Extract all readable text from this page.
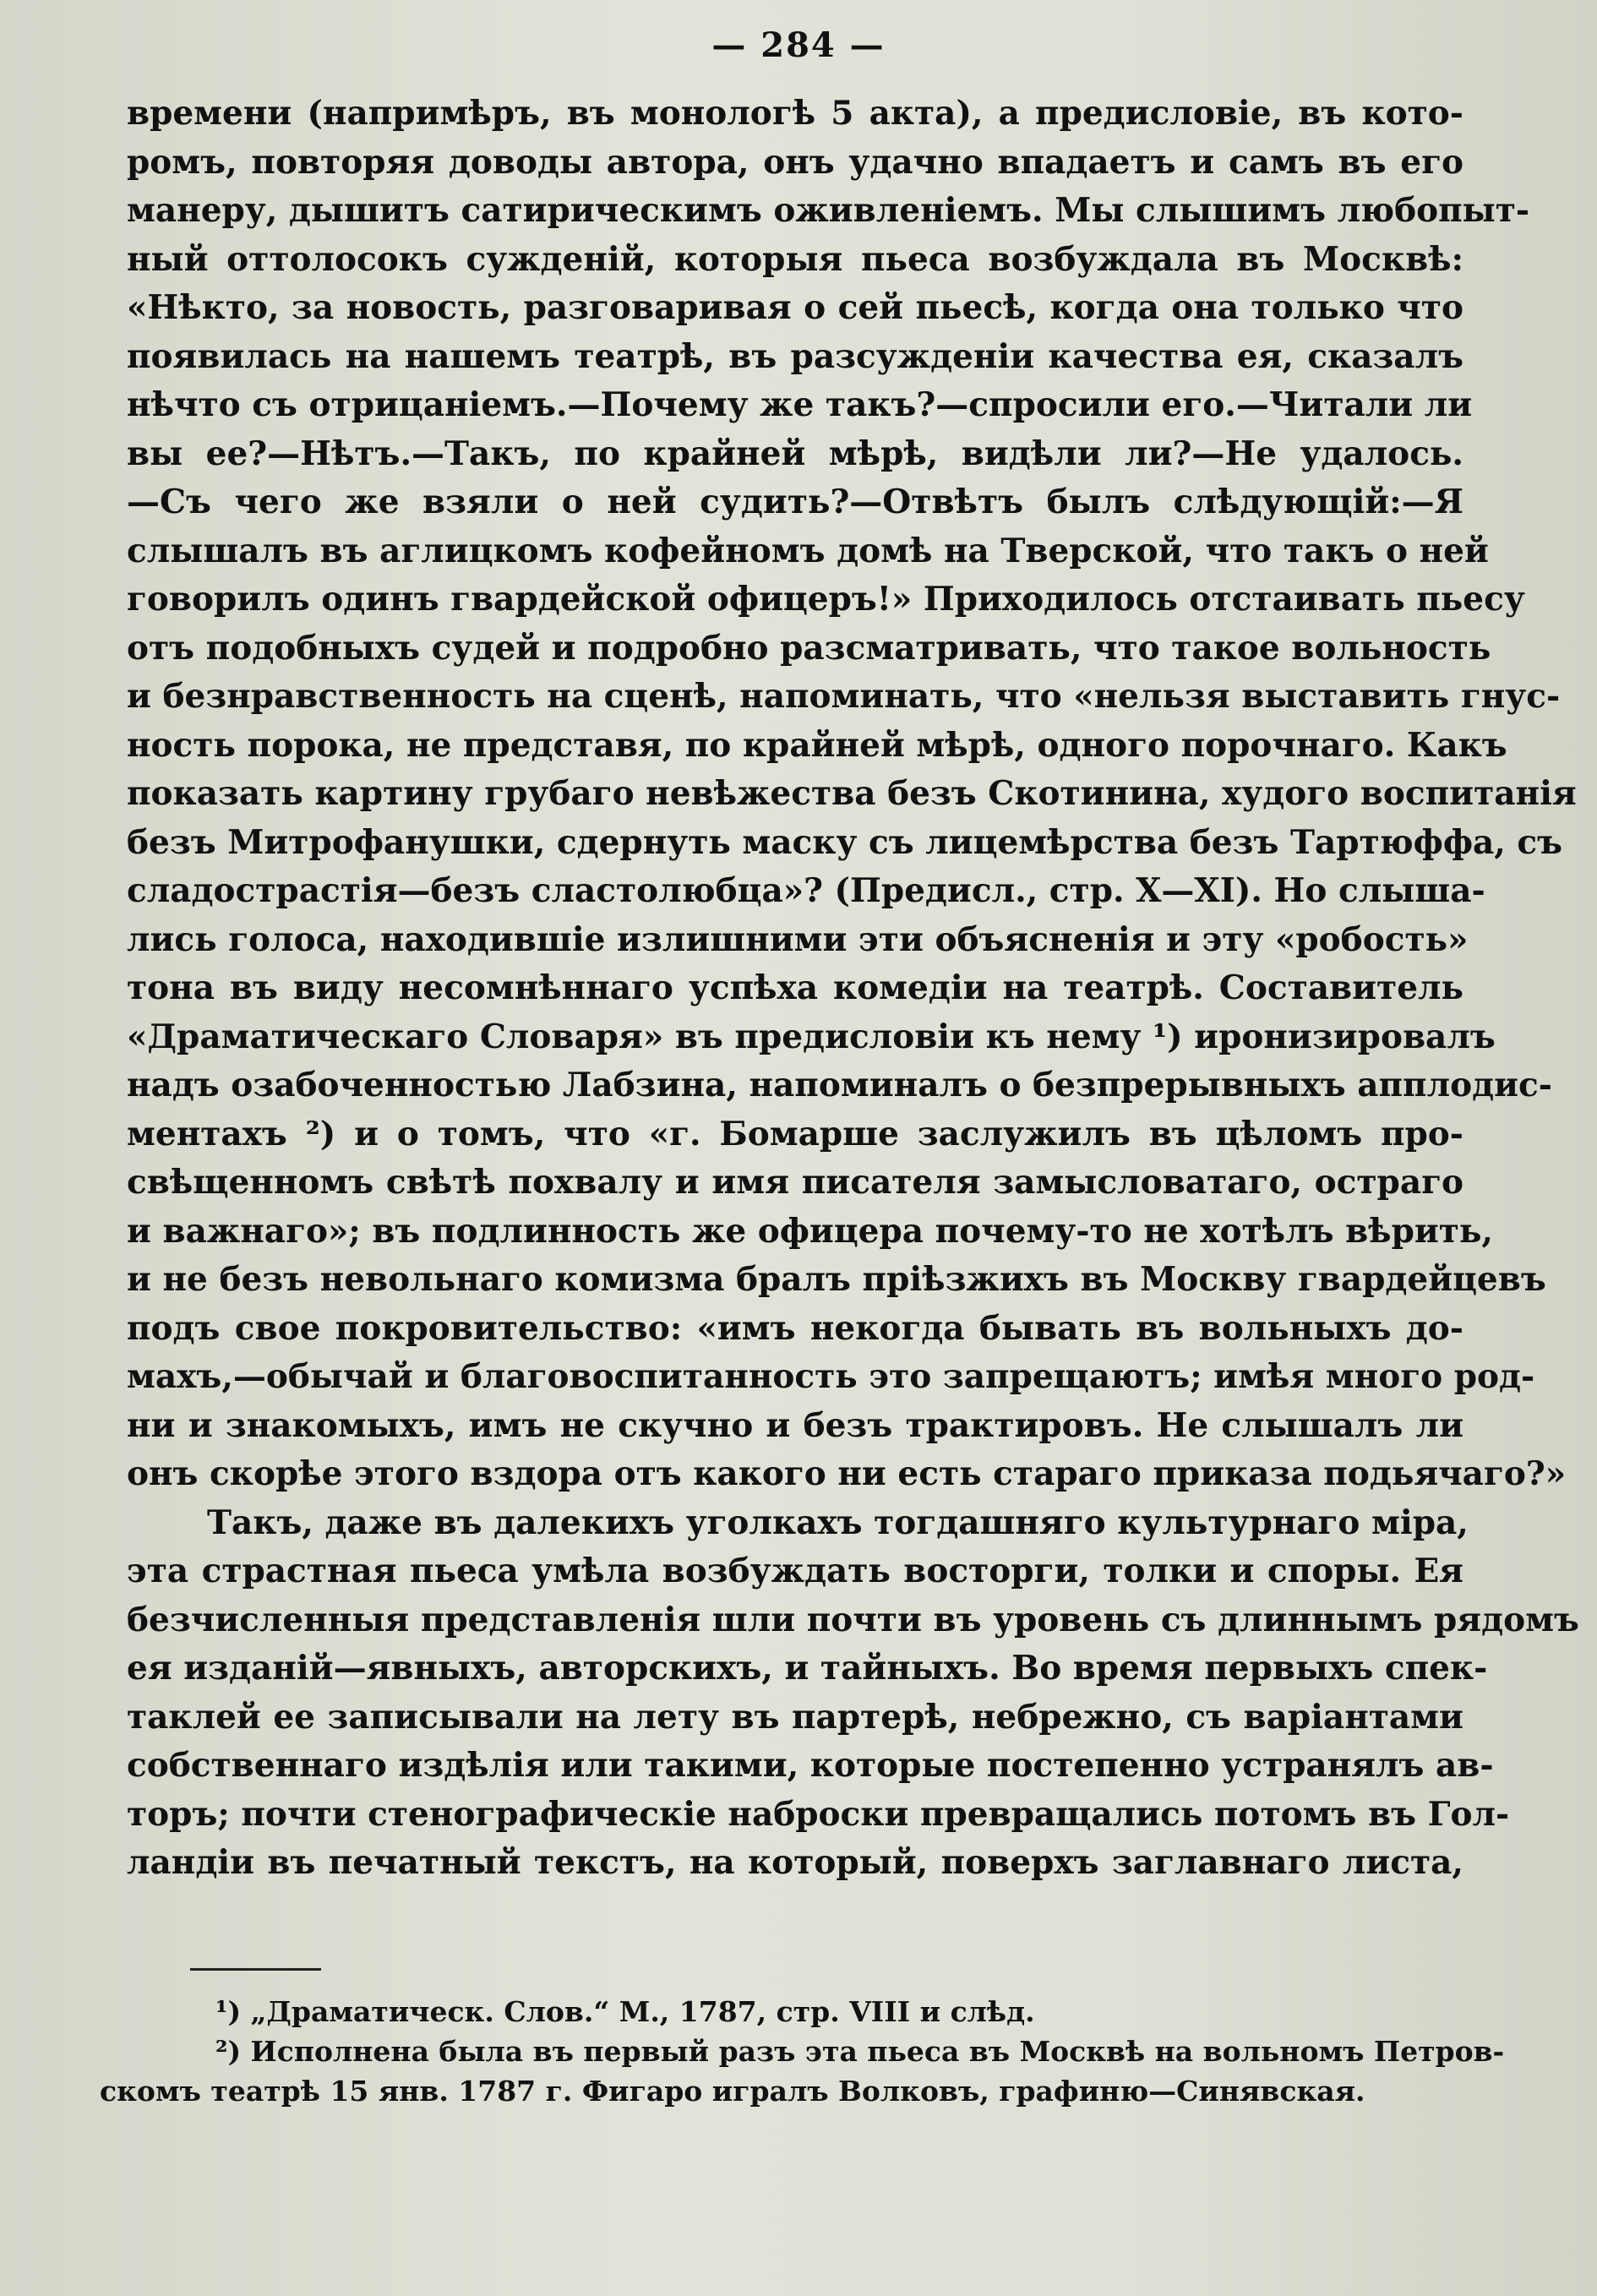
— 284 —
времени (напримѣръ, въ монологѣ 5 акта), а предисловіе, въ кото-
ромъ, повторяя доводы автора, онъ удачно впадаетъ и самъ въ его
манеру, дышитъ сатирическимъ оживленіемъ. Мы слышимъ любопыт-
ный оттолосокъ сужденій, которыя пьеса возбуждала въ Москвѣ:
«Нѣкто, за новость, разговаривая о сей пьесѣ, когда она только что
появилась на нашемъ театрѣ, въ разсужденіи качества ея, сказалъ
нѣчто съ отрицаніемъ.—Почему же такъ?—спросили его.—Читали ли
вы ее?—Нѣтъ.—Такъ, по крайней мѣрѣ, видѣли ли?—Не удалось.
—Съ чего же взяли о ней судить?—Отвѣтъ былъ слѣдующій:—Я
слышалъ въ аглицкомъ кофейномъ домѣ на Тверской, что такъ о ней
говорилъ одинъ гвардейской офицеръ!» Приходилось отстаивать пьесу
отъ подобныхъ судей и подробно разсматривать, что такое вольность
и безнравственность на сценѣ, напоминать, что «нельзя выставить гнус-
ность порока, не представя, по крайней мѣрѣ, одного порочнаго. Какъ
показать картину грубаго невѣжества безъ Скотинина, худого воспитанія
безъ Митрофанушки, сдернуть маску съ лицемѣрства безъ Тартюффа, съ
сладострастія—безъ сластолюбца»? (Предисл., стр. X—XI). Но слыша-
лись голоса, находившіе излишними эти объясненія и эту «робость»
тона въ виду несомнѣннаго успѣха комедіи на театрѣ. Составитель
«Драматическаго Словаря» въ предисловіи къ нему ¹) иронизировалъ
надъ озабоченностью Лабзина, напоминалъ о безпрерывныхъ апплодис-
ментахъ ²) и о томъ, что «г. Бомарше заслужилъ въ цѣломъ про-
свѣщенномъ свѣтѣ похвалу и имя писателя замысловатаго, остраго
и важнаго»; въ подлинность же офицера почему-то не хотѣлъ вѣрить,
и не безъ невольнаго комизма бралъ пріѣзжихъ въ Москву гвардейцевъ
подъ свое покровительство: «имъ некогда бывать въ вольныхъ до-
махъ,—обычай и благовоспитанность это запрещаютъ; имѣя много род-
ни и знакомыхъ, имъ не скучно и безъ трактировъ. Не слышалъ ли
онъ скорѣе этого вздора отъ какого ни есть стараго приказа подьячаго?»
Такъ, даже въ далекихъ уголкахъ тогдашняго культурнаго міра,
эта страстная пьеса умѣла возбуждать восторги, толки и споры. Ея
безчисленныя представленія шли почти въ уровень съ длиннымъ рядомъ
ея изданій—явныхъ, авторскихъ, и тайныхъ. Во время первыхъ спек-
таклей ее записывали на лету въ партерѣ, небрежно, съ варіантами
собственнаго издѣлія или такими, которые постепенно устранялъ ав-
торъ; почти стенографическіе наброски превращались потомъ въ Гол-
ландіи въ печатный текстъ, на который, поверхъ заглавнаго листа,
¹) „Драматическ. Слов.“ М., 1787, стр. VIII и слѣд.
²) Исполнена была въ первый разъ эта пьеса въ Москвѣ на вольномъ Петров-
скомъ театрѣ 15 янв. 1787 г. Фигаро игралъ Волковъ, графиню—Синявская.
